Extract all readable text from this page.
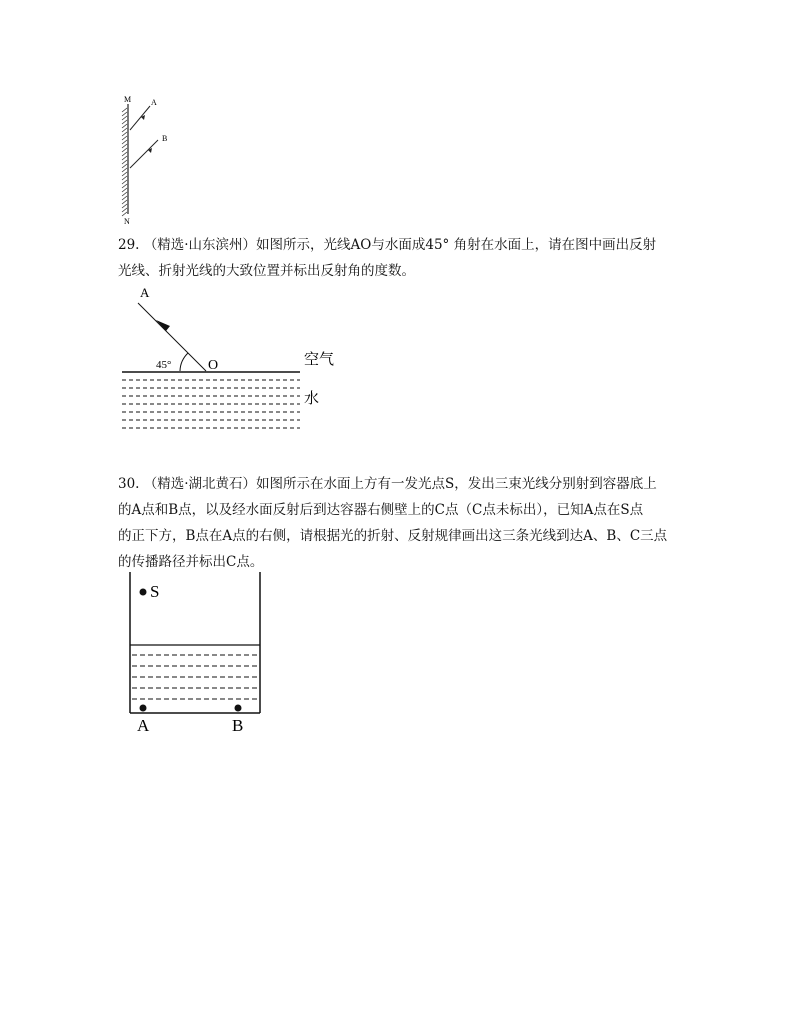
M A
B
N
29. （精选·山东滨州）如图所示，光线AO与水面成45° 角射在水面上，请在图中画出反射
光线、折射光线的大致位置并标出反射角的度数。
A
45°	O	空气
水
30. （精选·湖北黄石）如图所示在水面上方有一发光点S，发出三束光线分别射到容器底上
的A点和B点，以及经水面反射后到达容器右侧壁上的C点（C点未标出），已知A点在S点
的正下方，B点在A点的右侧，请根据光的折射、反射规律画出这三条光线到达A、B、C三点
的传播路径并标出C点。
S
A	B
